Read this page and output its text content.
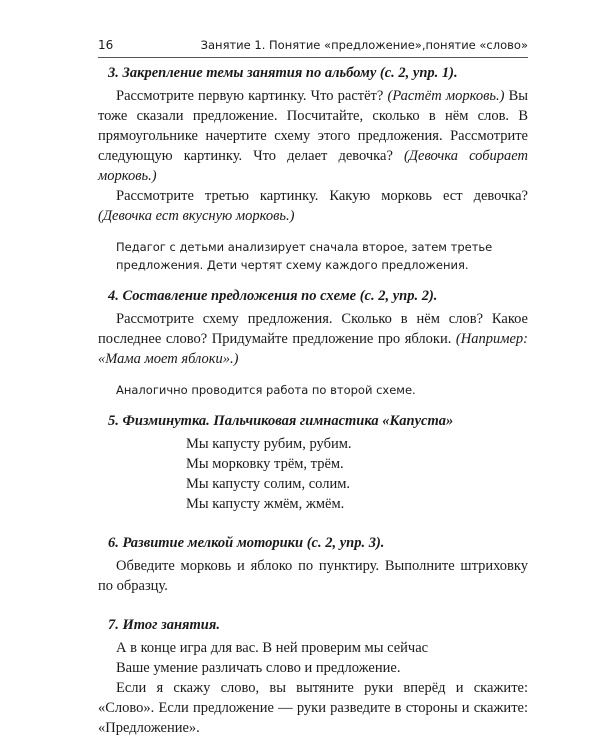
16	Занятие 1. Понятие «предложение»,понятие «слово»
3. Закрепление темы занятия по альбому (с. 2, упр. 1).

Рассмотрите первую картинку. Что растёт? (Растёт морковь.) Вы тоже сказали предложение. Посчитайте, сколько в нём слов. В прямоугольнике начертите схему этого предложения. Рассмотрите следующую картинку. Что делает девочка? (Девочка собирает морковь.)

Рассмотрите третью картинку. Какую морковь ест девочка? (Девочка ест вкусную морковь.)

Педагог с детьми анализирует сначала второе, затем третье предложения. Дети чертят схему каждого предложения.

4. Составление предложения по схеме (с. 2, упр. 2).

Рассмотрите схему предложения. Сколько в нём слов? Какое последнее слово? Придумайте предложение про яблоки. (Например: «Мама моет яблоки».)

Аналогично проводится работа по второй схеме.

5. Физминутка. Пальчиковая гимнастика «Капуста»
Мы капусту рубим, рубим.
Мы морковку трём, трём.
Мы капусту солим, солим.
Мы капусту жмём, жмём.
6. Развитие мелкой моторики (с. 2, упр. 3).

Обведите морковь и яблоко по пунктиру. Выполните штриховку по образцу.

7. Итог занятия.

А в конце игра для вас. В ней проверим мы сейчас

Ваше умение различать слово и предложение.

Если я скажу слово, вы вытяните руки вперёд и скажите: «Слово». Если предложение — руки разведите в стороны и скажите: «Предложение».
